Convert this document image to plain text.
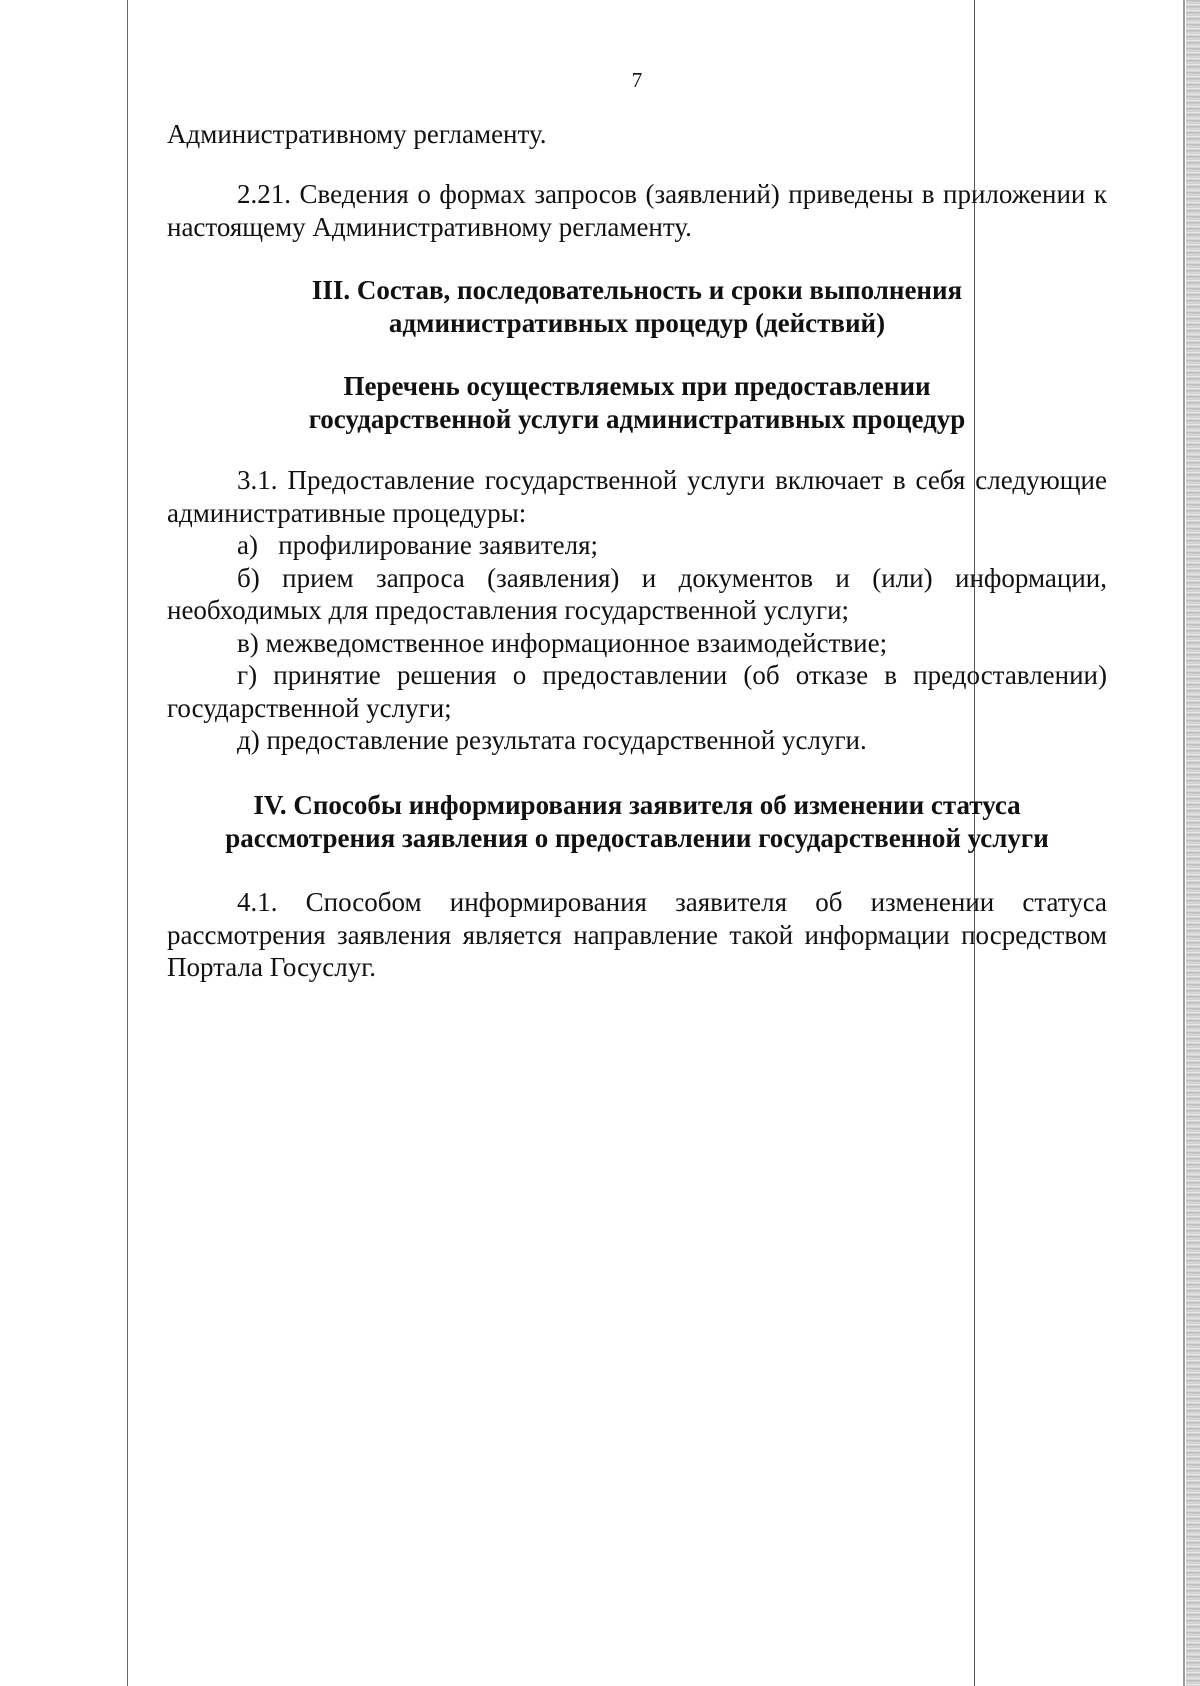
7

Административному регламенту.

2.21. Сведения о формах запросов (заявлений) приведены в приложении к настоящему Административному регламенту.

III. Состав, последовательность и сроки выполнения

административных процедур (действий)

Перечень осуществляемых при предоставлении

государственной услуги административных процедур

3.1. Предоставление государственной услуги включает в себя следующие административные процедуры:

а)   профилирование заявителя;

б) прием запроса (заявления) и документов и (или) информации, необходимых для предоставления государственной услуги;

в) межведомственное информационное взаимодействие;

г) принятие решения о предоставлении (об отказе в предоставлении) государственной услуги;

д) предоставление результата государственной услуги.

IV. Способы информирования заявителя об изменении статуса

рассмотрения заявления о предоставлении государственной услуги

4.1. Способом информирования заявителя об изменении статуса рассмотрения заявления является направление такой информации посредством Портала Госуслуг.
